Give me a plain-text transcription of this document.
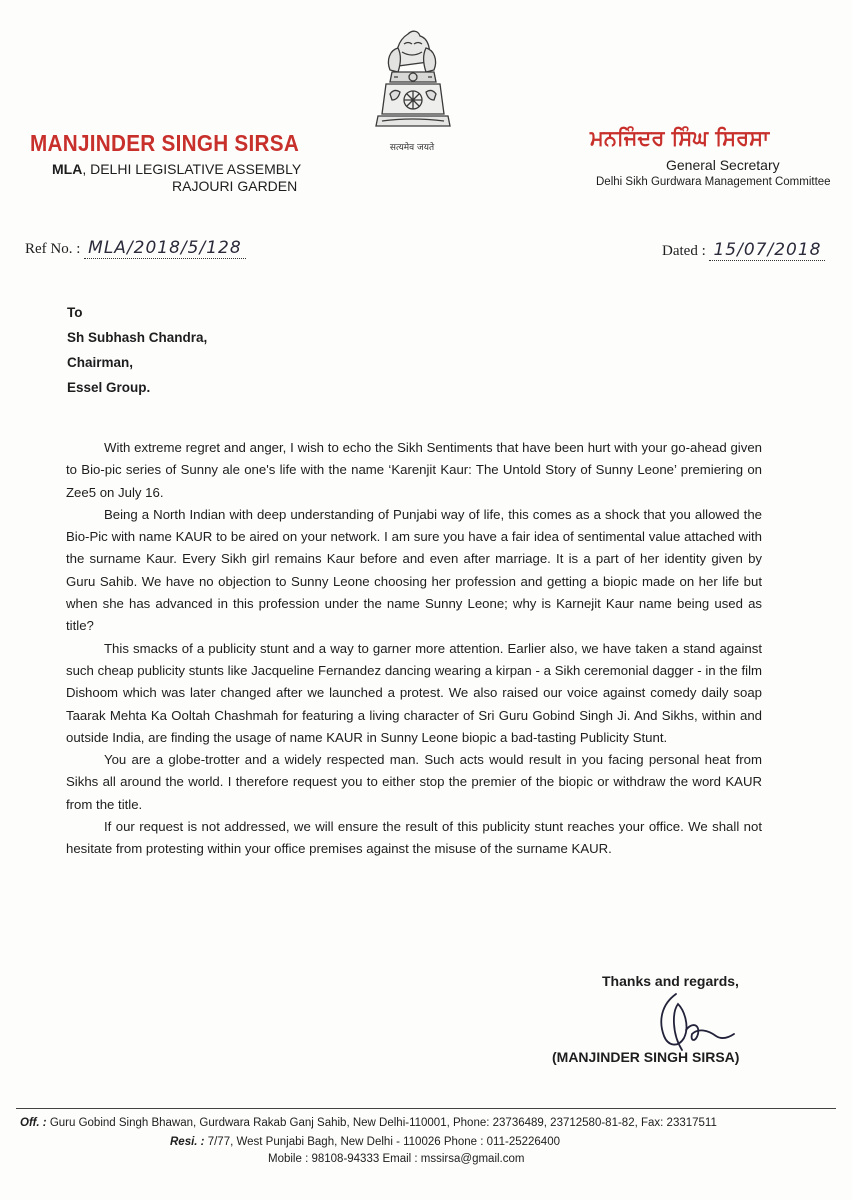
सत्यमेव जयते
MANJINDER SINGH SIRSA
MLA, DELHI LEGISLATIVE ASSEMBLY
RAJOURI GARDEN
ਮਨਜਿੰਦਰ ਸਿੰਘ ਸਿਰਸਾ
General Secretary
Delhi Sikh Gurdwara Management Committee
Ref No. : MLA/2018/5/128	Dated : 15/07/2018
To
Sh Subhash Chandra,
Chairman,
Essel Group.

With extreme regret and anger, I wish to echo the Sikh Sentiments that have been hurt with your go-ahead given to Bio-pic series of Sunny ale one's life with the name ‘Karenjit Kaur: The Untold Story of Sunny Leone’ premiering on Zee5 on July 16.

Being a North Indian with deep understanding of Punjabi way of life, this comes as a shock that you allowed the Bio-Pic with name KAUR to be aired on your network. I am sure you have a fair idea of sentimental value attached with the surname Kaur. Every Sikh girl remains Kaur before and even after marriage. It is a part of her identity given by Guru Sahib. We have no objection to Sunny Leone choosing her profession and getting a biopic made on her life but when she has advanced in this profession under the name Sunny Leone; why is Karnejit Kaur name being used as title?

This smacks of a publicity stunt and a way to garner more attention. Earlier also, we have taken a stand against such cheap publicity stunts like Jacqueline Fernandez dancing wearing a kirpan - a Sikh ceremonial dagger - in the film Dishoom which was later changed after we launched a protest. We also raised our voice against comedy daily soap Taarak Mehta Ka Ooltah Chashmah for featuring a living character of Sri Guru Gobind Singh Ji. And Sikhs, within and outside India, are finding the usage of name KAUR in Sunny Leone biopic a bad-tasting Publicity Stunt.

You are a globe-trotter and a widely respected man. Such acts would result in you facing personal heat from Sikhs all around the world. I therefore request you to either stop the premier of the biopic or withdraw the word KAUR from the title.

If our request is not addressed, we will ensure the result of this publicity stunt reaches your office. We shall not hesitate from protesting within your office premises against the misuse of the surname KAUR.

Thanks and regards,
(MANJINDER SINGH SIRSA)
Off. : Guru Gobind Singh Bhawan, Gurdwara Rakab Ganj Sahib, New Delhi-110001, Phone: 23736489, 23712580-81-82, Fax: 23317511
Resi. : 7/77, West Punjabi Bagh, New Delhi - 110026 Phone : 011-25226400
Mobile : 98108-94333 Email : mssirsa@gmail.com
